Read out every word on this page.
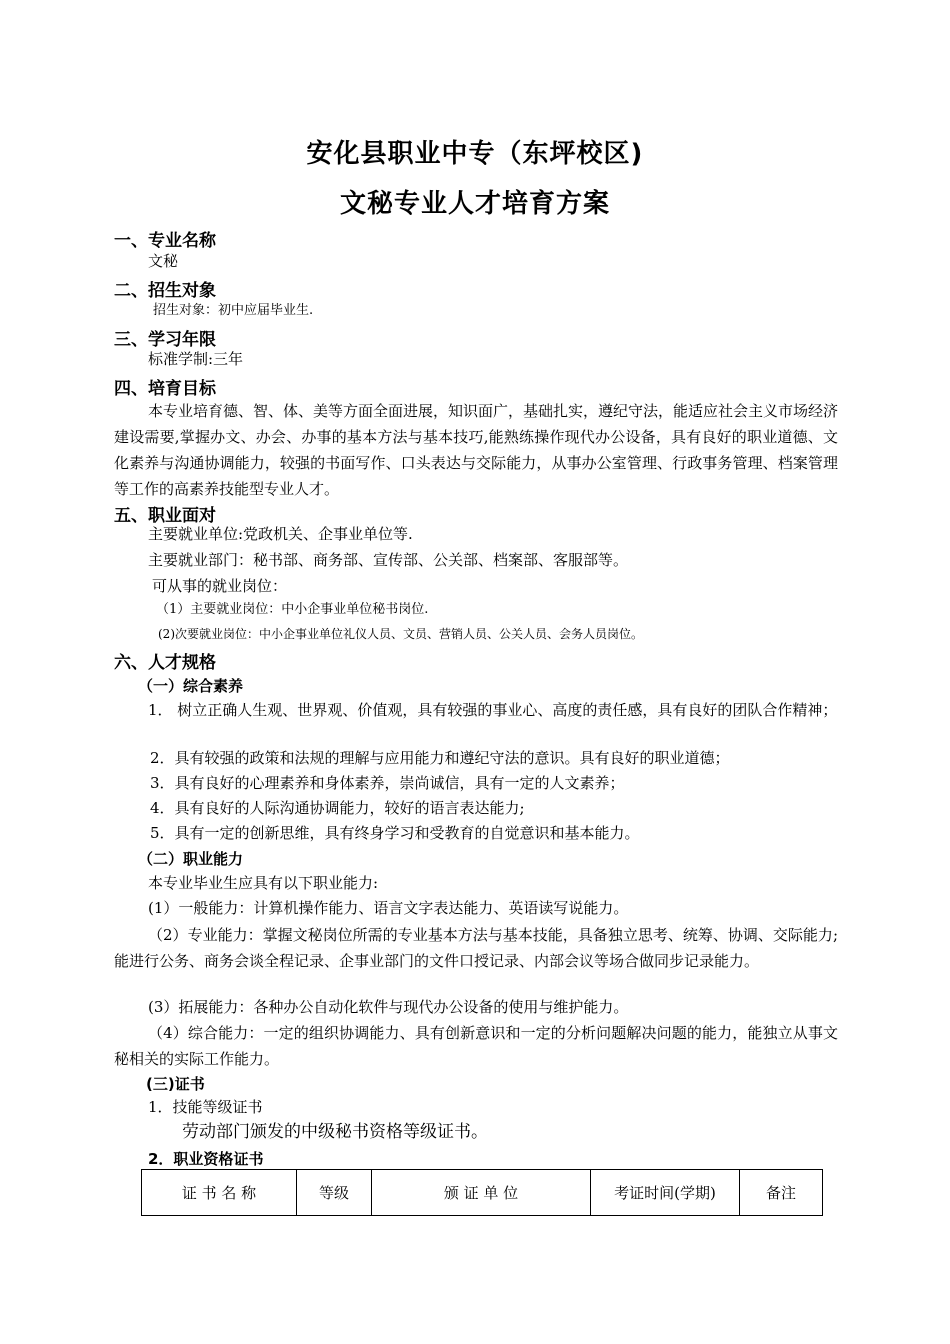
安化县职业中专（东坪校区)
文秘专业人才培育方案
一、专业名称
文秘
二、招生对象
招生对象：初中应届毕业生.
三、学习年限
标准学制:三年
四、培育目标
本专业培育德、智、体、美等方面全面进展，知识面广，基础扎实，遵纪守法，能适应社会主义市场经济建设需要,掌握办文、办会、办事的基本方法与基本技巧,能熟练操作现代办公设备，具有良好的职业道德、文化素养与沟通协调能力，较强的书面写作、口头表达与交际能力，从事办公室管理、行政事务管理、档案管理等工作的高素养技能型专业人才。
五、职业面对
主要就业单位:党政机关、企事业单位等.
主要就业部门：秘书部、商务部、宣传部、公关部、档案部、客服部等。
可从事的就业岗位：
（1）主要就业岗位：中小企事业单位秘书岗位.
(2)次要就业岗位：中小企事业单位礼仪人员、文员、营销人员、公关人员、会务人员岗位。
六、人才规格
（一）综合素养
1． 树立正确人生观、世界观、价值观，具有较强的事业心、高度的责任感，具有良好的团队合作精神；
2．具有较强的政策和法规的理解与应用能力和遵纪守法的意识。具有良好的职业道德；
3．具有良好的心理素养和身体素养，崇尚诚信，具有一定的人文素养；
4．具有良好的人际沟通协调能力，较好的语言表达能力;
5．具有一定的创新思维，具有终身学习和受教育的自觉意识和基本能力。
（二）职业能力
本专业毕业生应具有以下职业能力:
(1）一般能力：计算机操作能力、语言文字表达能力、英语读写说能力。
（2）专业能力：掌握文秘岗位所需的专业基本方法与基本技能，具备独立思考、统筹、协调、交际能力;能进行公务、商务会谈全程记录、企事业部门的文件口授记录、内部会议等场合做同步记录能力。
(3）拓展能力：各种办公自动化软件与现代办公设备的使用与维护能力。
（4）综合能力：一定的组织协调能力、具有创新意识和一定的分析问题解决问题的能力，能独立从事文秘相关的实际工作能力。
(三)证书
1．技能等级证书
劳动部门颁发的中级秘书资格等级证书。
2．职业资格证书
证 书 名 称	等级	颁 证 单 位	考证时间(学期)	备注
